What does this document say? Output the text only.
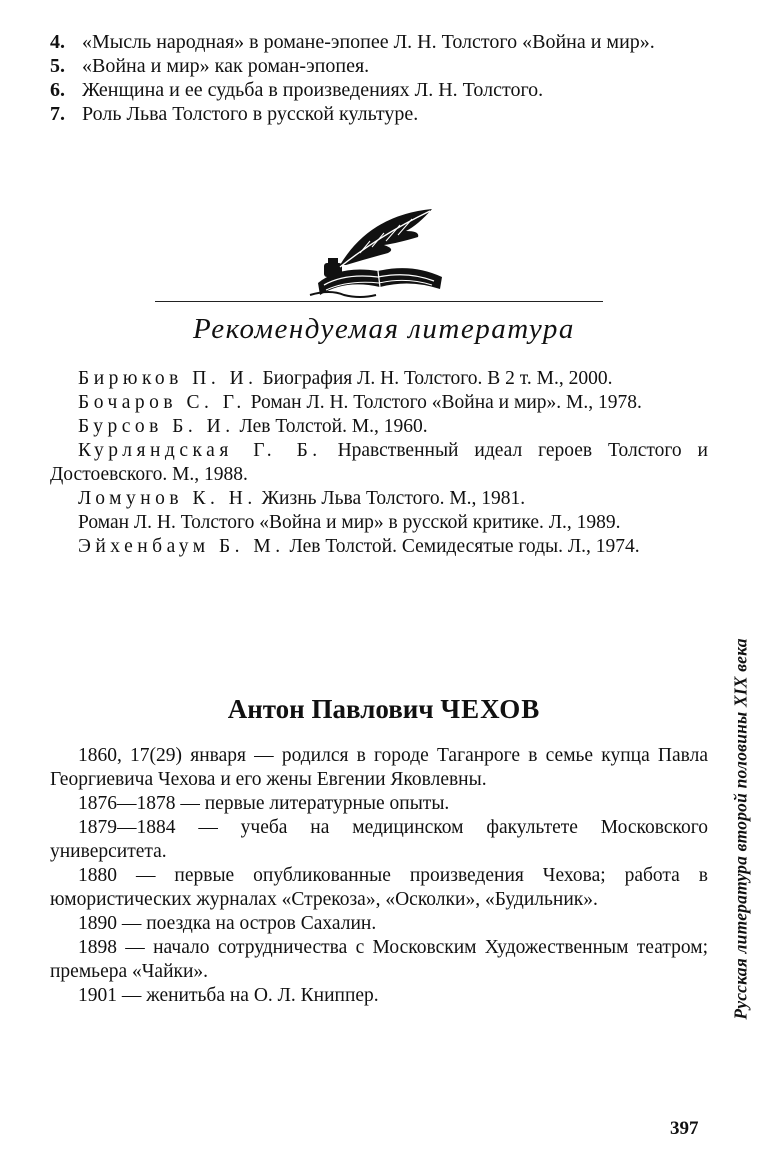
4. «Мысль народная» в романе-эпопее Л. Н. Толстого «Война и мир».
5. «Война и мир» как роман-эпопея.
6. Женщина и ее судьба в произведениях Л. Н. Толстого.
7. Роль Льва Толстого в русской культуре.
Рекомендуемая литература

Бирюков П. И. Биография Л. Н. Толстого. В 2 т. М., 2000.

Бочаров С. Г. Роман Л. Н. Толстого «Война и мир». М., 1978.

Бурсов Б. И. Лев Толстой. М., 1960.

Курляндская Г. Б. Нравственный идеал героев Толстого и Достоевского. М., 1988.

Ломунов К. Н. Жизнь Льва Толстого. М., 1981.

Роман Л. Н. Толстого «Война и мир» в русской критике. Л., 1989.

Эйхенбаум Б. М. Лев Толстой. Семидесятые годы. Л., 1974.

Антон Павлович ЧЕХОВ

1860, 17(29) января — родился в городе Таганроге в семье купца Павла Георгиевича Чехова и его жены Евгении Яковлевны.

1876—1878 — первые литературные опыты.

1879—1884 — учеба на медицинском факультете Московского университета.

1880 — первые опубликованные произведения Чехова; работа в юмористических журналах «Стрекоза», «Осколки», «Будильник».

1890 — поездка на остров Сахалин.

1898 — начало сотрудничества с Московским Художественным театром; премьера «Чайки».

1901 — женитьба на О. Л. Книппер.	Русская литература второй половины XIX века
397
